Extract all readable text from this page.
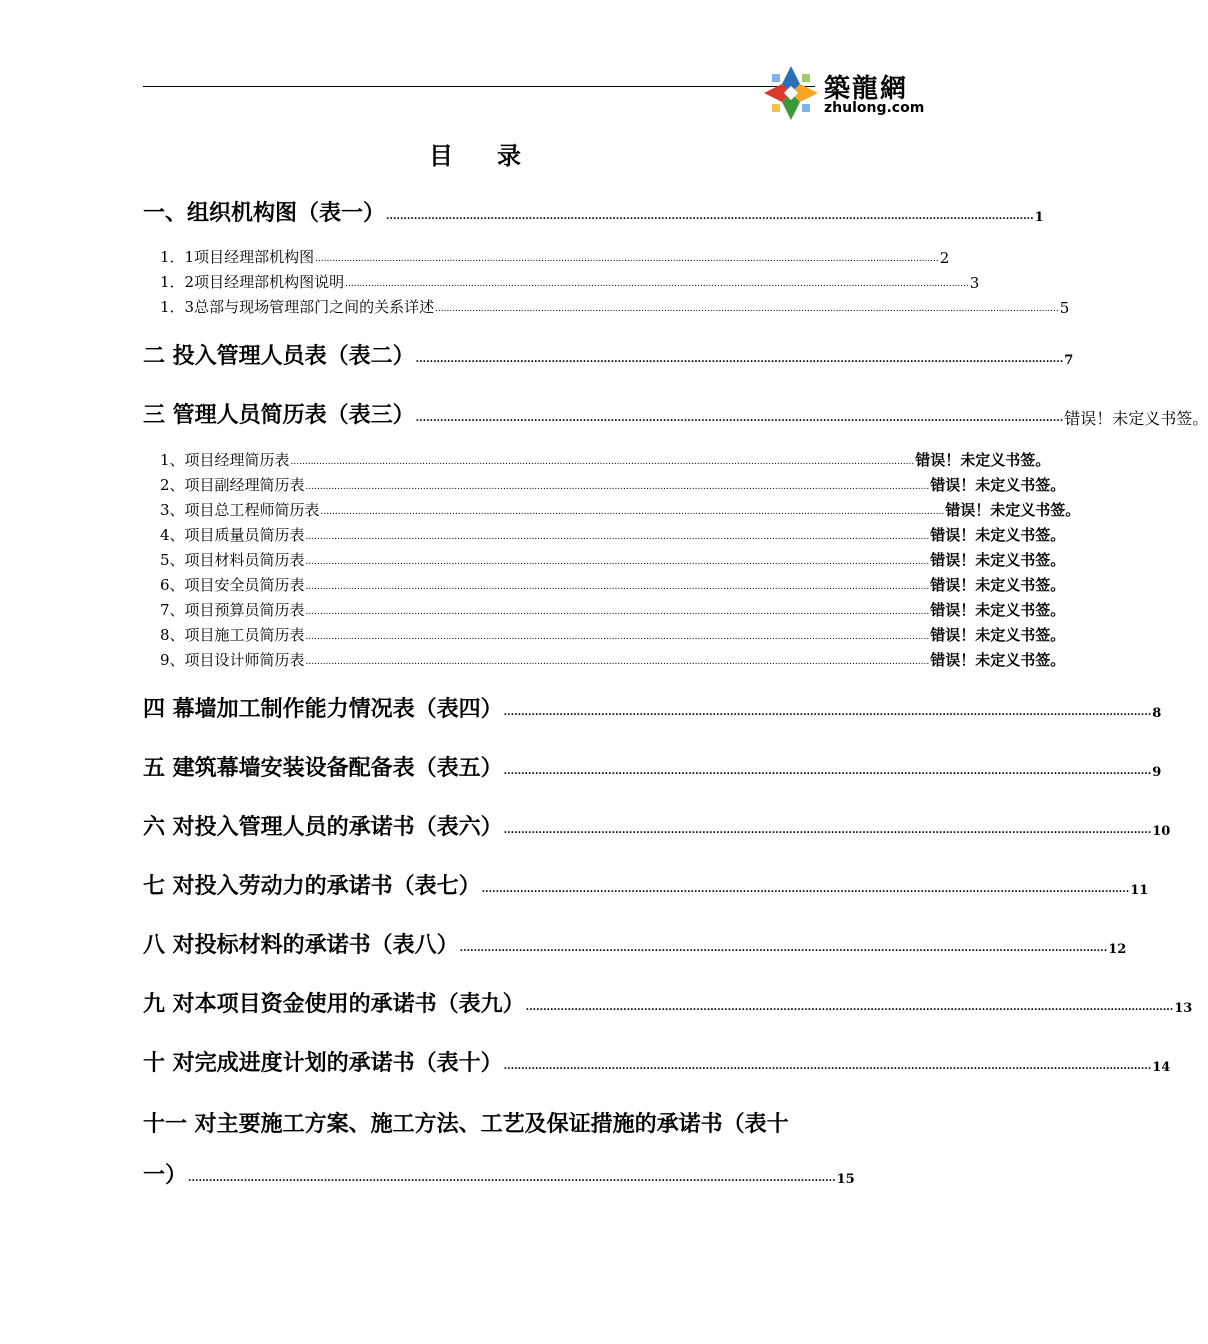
築龍網
zhulong.com
目录
一、组织机构图（表一） .......................................................................................................................................................................................... 1
1．1项目经理部机构图 .......................................................................................................................................................................................................................... 2
1．2项目经理部机构图说明 .......................................................................................................................................................................................................................... 3
1．3总部与现场管理部门之间的关系详述 .......................................................................................................................................................................................................................... 5
二 投入管理人员表（表二） .......................................................................................................................................................................................... 7
三 管理人员简历表（表三） .......................................................................................................................................................................................... 错误！未定义书签。
1、项目经理简历表 .......................................................................................................................................................................................................................... 错误！未定义书签。
2、项目副经理简历表 .......................................................................................................................................................................................................................... 错误！未定义书签。
3、项目总工程师简历表 .......................................................................................................................................................................................................................... 错误！未定义书签。
4、项目质量员简历表 .......................................................................................................................................................................................................................... 错误！未定义书签。
5、项目材料员简历表 .......................................................................................................................................................................................................................... 错误！未定义书签。
6、项目安全员简历表 .......................................................................................................................................................................................................................... 错误！未定义书签。
7、项目预算员简历表 .......................................................................................................................................................................................................................... 错误！未定义书签。
8、项目施工员简历表 .......................................................................................................................................................................................................................... 错误！未定义书签。
9、项目设计师简历表 .......................................................................................................................................................................................................................... 错误！未定义书签。
四 幕墙加工制作能力情况表（表四） .......................................................................................................................................................................................... 8
五 建筑幕墙安装设备配备表（表五） .......................................................................................................................................................................................... 9
六 对投入管理人员的承诺书（表六） .......................................................................................................................................................................................... 10
七 对投入劳动力的承诺书（表七） .......................................................................................................................................................................................... 11
八 对投标材料的承诺书（表八） .......................................................................................................................................................................................... 12
九 对本项目资金使用的承诺书（表九） .......................................................................................................................................................................................... 13
十 对完成进度计划的承诺书（表十） .......................................................................................................................................................................................... 14
十一 对主要施工方案、施工方法、工艺及保证措施的承诺书（表十
一） .......................................................................................................................................................................................... 15
